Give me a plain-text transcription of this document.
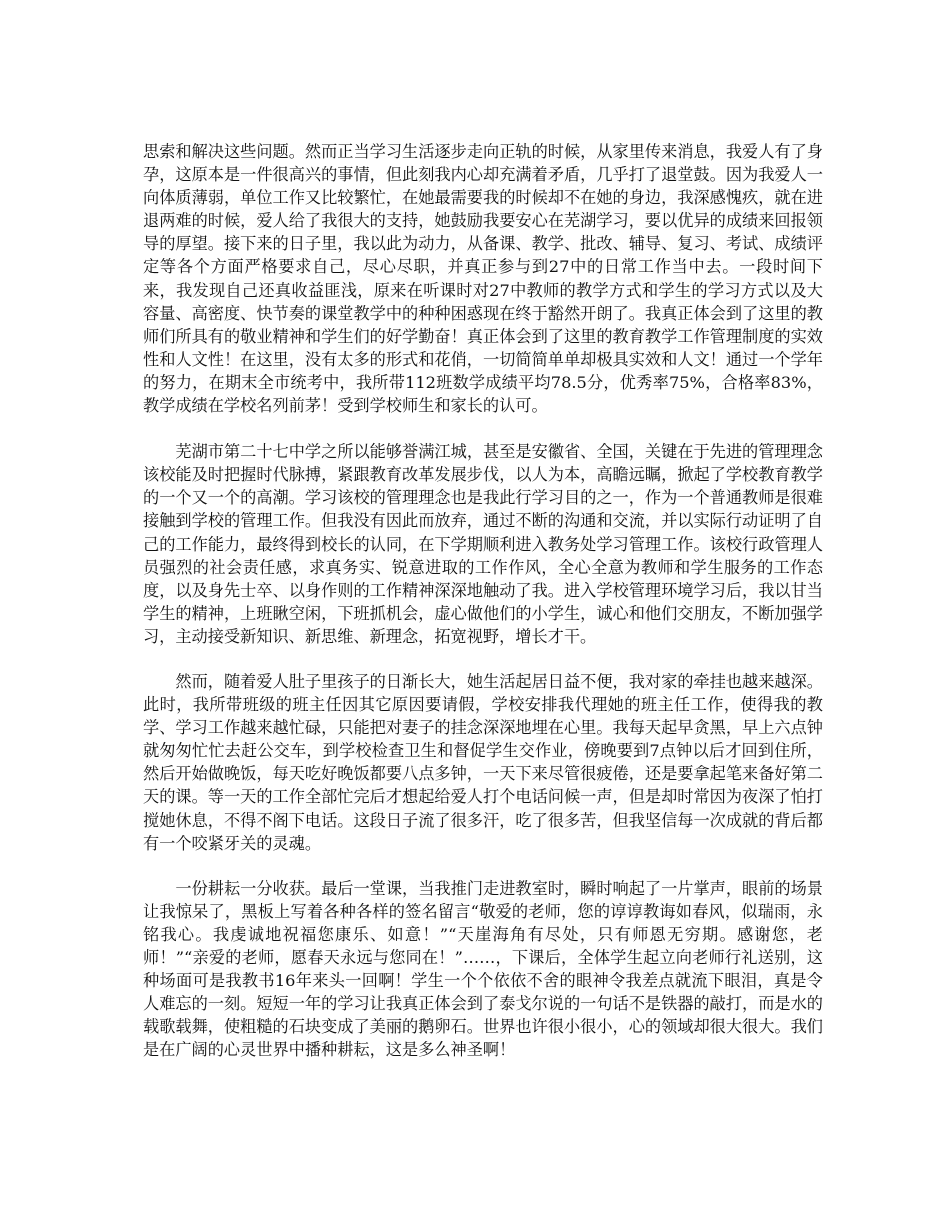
思索和解决这些问题。然而正当学习生活逐步走向正轨的时候，从家里传来消息，我爱人有了身孕，这原本是一件很高兴的事情，但此刻我内心却充满着矛盾，几乎打了退堂鼓。因为我爱人一向体质薄弱，单位工作又比较繁忙，在她最需要我的时候却不在她的身边，我深感愧疚，就在进退两难的时候，爱人给了我很大的支持，她鼓励我要安心在芜湖学习，要以优异的成绩来回报领导的厚望。接下来的日子里，我以此为动力，从备课、教学、批改、辅导、复习、考试、成绩评定等各个方面严格要求自己，尽心尽职，并真正参与到27中的日常工作当中去。一段时间下来，我发现自己还真收益匪浅，原来在听课时对27中教师的教学方式和学生的学习方式以及大容量、高密度、快节奏的课堂教学中的种种困惑现在终于豁然开朗了。我真正体会到了这里的教师们所具有的敬业精神和学生们的好学勤奋！真正体会到了这里的教育教学工作管理制度的实效性和人文性！在这里，没有太多的形式和花俏，一切简简单单却极具实效和人文！通过一个学年的努力，在期末全市统考中，我所带112班数学成绩平均78.5分，优秀率75%，合格率83%，教学成绩在学校名列前茅！受到学校师生和家长的认可。

芜湖市第二十七中学之所以能够誉满江城，甚至是安徽省、全国，关键在于先进的管理理念该校能及时把握时代脉搏，紧跟教育改革发展步伐，以人为本，高瞻远瞩，掀起了学校教育教学的一个又一个的高潮。学习该校的管理理念也是我此行学习目的之一，作为一个普通教师是很难接触到学校的管理工作。但我没有因此而放弃，通过不断的沟通和交流，并以实际行动证明了自己的工作能力，最终得到校长的认同，在下学期顺利进入教务处学习管理工作。该校行政管理人员强烈的社会责任感，求真务实、锐意进取的工作作风，全心全意为教师和学生服务的工作态度，以及身先士卒、以身作则的工作精神深深地触动了我。进入学校管理环境学习后，我以甘当学生的精神，上班瞅空闲，下班抓机会，虚心做他们的小学生，诚心和他们交朋友，不断加强学习，主动接受新知识、新思维、新理念，拓宽视野，增长才干。

然而，随着爱人肚子里孩子的日渐长大，她生活起居日益不便，我对家的牵挂也越来越深。此时，我所带班级的班主任因其它原因要请假，学校安排我代理她的班主任工作，使得我的教学、学习工作越来越忙碌，只能把对妻子的挂念深深地埋在心里。我每天起早贪黑，早上六点钟就匆匆忙忙去赶公交车，到学校检查卫生和督促学生交作业，傍晚要到7点钟以后才回到住所，然后开始做晚饭，每天吃好晚饭都要八点多钟，一天下来尽管很疲倦，还是要拿起笔来备好第二天的课。等一天的工作全部忙完后才想起给爱人打个电话问候一声，但是却时常因为夜深了怕打搅她休息，不得不阁下电话。这段日子流了很多汗，吃了很多苦，但我坚信每一次成就的背后都有一个咬紧牙关的灵魂。

一份耕耘一分收获。最后一堂课，当我推门走进教室时，瞬时响起了一片掌声，眼前的场景让我惊呆了，黑板上写着各种各样的签名留言“敬爱的老师，您的谆谆教诲如春风，似瑞雨，永铭我心。我虔诚地祝福您康乐、如意！”“天崖海角有尽处，只有师恩无穷期。感谢您，老师！”“亲爱的老师，愿春天永远与您同在！”……，下课后，全体学生起立向老师行礼送别，这种场面可是我教书16年来头一回啊！学生一个个依依不舍的眼神令我差点就流下眼泪，真是令人难忘的一刻。短短一年的学习让我真正体会到了泰戈尔说的一句话不是铁器的敲打，而是水的载歌载舞，使粗糙的石块变成了美丽的鹅卵石。世界也许很小很小，心的领域却很大很大。我们是在广阔的心灵世界中播种耕耘，这是多么神圣啊！
